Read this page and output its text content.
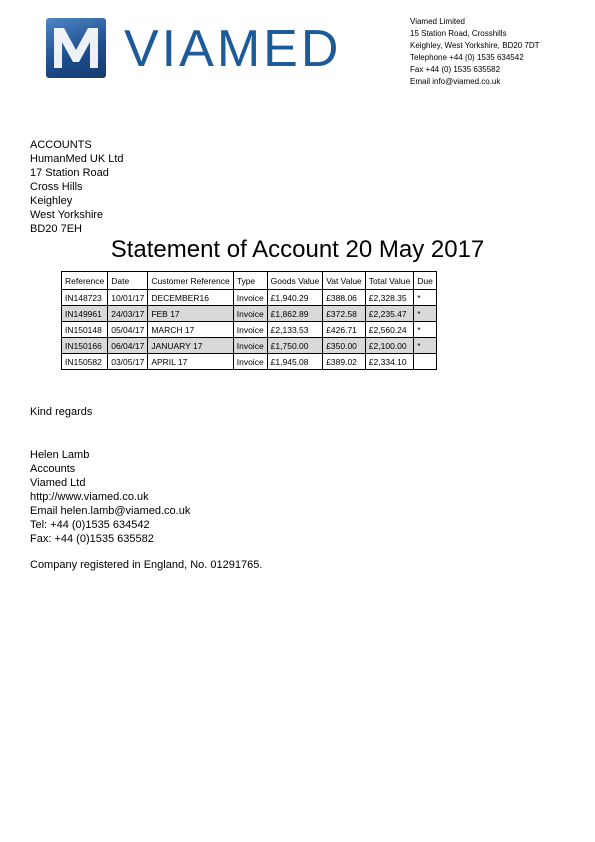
VIAMED	Viamed Limited
15 Station Road, Crosshills
Keighley, West Yorkshire, BD20 7DT
Telephone +44 (0) 1535 634542
Fax +44 (0) 1535 635582
Email info@viamed.co.uk
ACCOUNTS
HumanMed UK Ltd
17 Station Road
Cross Hills
Keighley
West Yorkshire
BD20 7EH
Statement of Account 20 May 2017
Reference	Date	Customer Reference	Type	Goods Value	Vat Value	Total Value	Due
IN148723	10/01/17	DECEMBER16	Invoice	£1,940.29	£388.06	£2,328.35	*
IN149961	24/03/17	FEB 17	Invoice	£1,862.89	£372.58	£2,235.47	*
IN150148	05/04/17	MARCH 17	Invoice	£2,133.53	£426.71	£2,560.24	*
IN150166	06/04/17	JANUARY 17	Invoice	£1,750.00	£350.00	£2,100.00	*
IN150582	03/05/17	APRIL 17	Invoice	£1,945.08	£389.02	£2,334.10	
Kind regards
Helen Lamb
Accounts
Viamed Ltd
http://www.viamed.co.uk
Email helen.lamb@viamed.co.uk
Tel: +44 (0)1535 634542
Fax: +44 (0)1535 635582
Company registered in England, No. 01291765.
